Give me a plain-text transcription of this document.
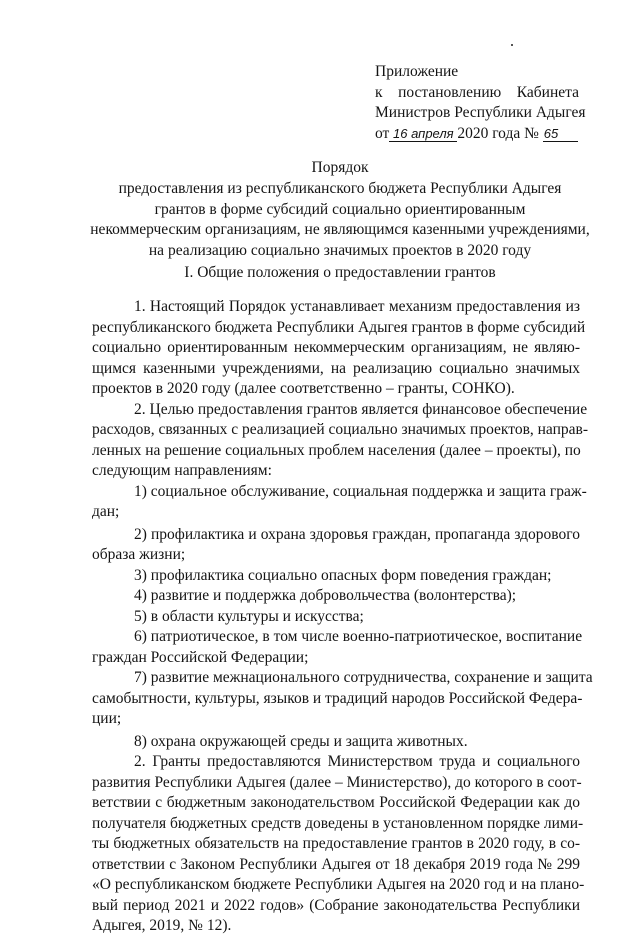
Приложение
к постановлению Кабинета
Министров Республики Адыгея
от 16 апреля 2020 года № 65
Порядок
предоставления из республиканского бюджета Республики Адыгея
грантов в форме субсидий социально ориентированным
некоммерческим организациям, не являющимся казенными учреждениями,
на реализацию социально значимых проектов в 2020 году
I. Общие положения о предоставлении грантов
1. Настоящий Порядок устанавливает механизм предоставления из
республиканского бюджета Республики Адыгея грантов в форме субсидий
социально ориентированным некоммерческим организациям, не являю-
щимся казенными учреждениями, на реализацию социально значимых
проектов в 2020 году (далее соответственно – гранты, СОНКО).
2. Целью предоставления грантов является финансовое обеспечение
расходов, связанных с реализацией социально значимых проектов, направ-
ленных на решение социальных проблем населения (далее – проекты), по
следующим направлениям:
1) социальное обслуживание, социальная поддержка и защита граж-
дан;
2) профилактика и охрана здоровья граждан, пропаганда здорового
образа жизни;
3) профилактика социально опасных форм поведения граждан;
4) развитие и поддержка добровольчества (волонтерства);
5) в области культуры и искусства;
6) патриотическое, в том числе военно-патриотическое, воспитание
граждан Российской Федерации;
7) развитие межнационального сотрудничества, сохранение и защита
самобытности, культуры, языков и традиций народов Российской Федера-
ции;
8) охрана окружающей среды и защита животных.
2. Гранты предоставляются Министерством труда и социального
развития Республики Адыгея (далее – Министерство), до которого в соот-
ветствии с бюджетным законодательством Российской Федерации как до
получателя бюджетных средств доведены в установленном порядке лими-
ты бюджетных обязательств на предоставление грантов в 2020 году, в со-
ответствии с Законом Республики Адыгея от 18 декабря 2019 года № 299
«О республиканском бюджете Республики Адыгея на 2020 год и на плано-
вый период 2021 и 2022 годов» (Собрание законодательства Республики
Адыгея, 2019, № 12).
